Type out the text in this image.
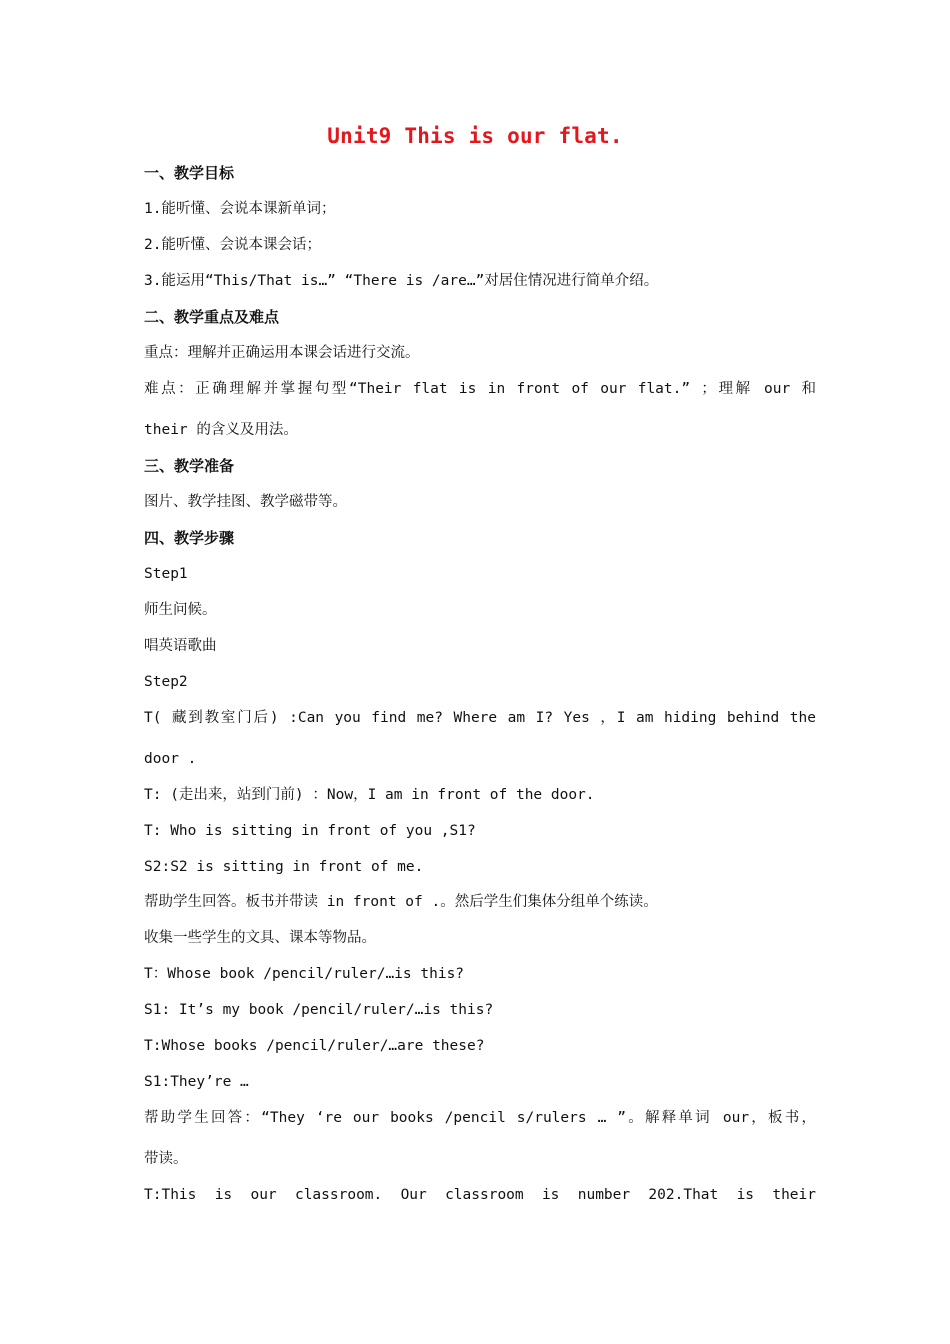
Unit9 This is our flat.
一、教学目标
1.能听懂、会说本课新单词；
2.能听懂、会说本课会话；
3.能运用“This/That is…” “There is /are…”对居住情况进行简单介绍。
二、教学重点及难点
重点：理解并正确运用本课会话进行交流。
难点：正确理解并掌握句型“Their flat is in front of our flat.” ；理解 our 和
their 的含义及用法。
三、教学准备
图片、教学挂图、教学磁带等。
四、教学步骤
Step1
师生问候。
唱英语歌曲
Step2
T( 藏到教室门后) :Can you find me? Where am I? Yes ，I am hiding behind the
door .
T: (走出来，站到门前) ：Now，I am in front of the door.
T: Who is sitting in front of you ,S1?
S2:S2 is sitting in front of me.
帮助学生回答。板书并带读 in front of .。然后学生们集体分组单个练读。
收集一些学生的文具、课本等物品。
T：Whose book /pencil/ruler/…is this?
S1: It’s my book /pencil/ruler/…is this?
T:Whose books /pencil/ruler/…are these?
S1:They’re …
帮助学生回答：“They ‘re our books /pencil s/rulers … ”。解释单词 our，板书，
带读。
T:This is our classroom. Our classroom is number 202.That is their
